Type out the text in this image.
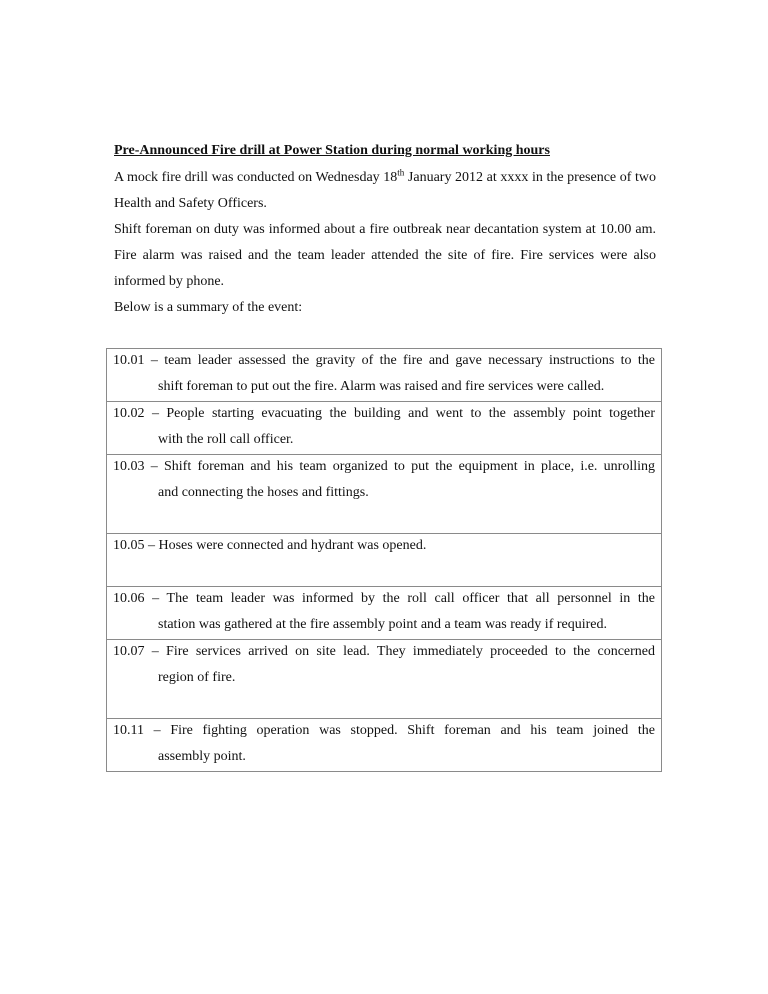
Pre-Announced Fire drill at Power Station during normal working hours

A mock fire drill was conducted on Wednesday 18th January 2012 at xxxx in the presence of two Health and Safety Officers.

Shift foreman on duty was informed about a fire outbreak near decantation system at 10.00 am. Fire alarm was raised and the team leader attended the site of fire. Fire services were also informed by phone.

Below is a summary of the event:

10.01 – team leader assessed the gravity of the fire and gave necessary instructions to the
shift foreman to put out the fire. Alarm was raised and fire services were called.

10.02 – People starting evacuating the building and went to the assembly point together
with the roll call officer.

10.03 – Shift foreman and his team organized to put the equipment in place, i.e. unrolling
and connecting the hoses and fittings.

10.05 – Hoses were connected and hydrant was opened.

10.06 – The team leader was informed by the roll call officer that all personnel in the
station was gathered at the fire assembly point and a team was ready if required.

10.07 – Fire services arrived on site lead. They immediately proceeded to the concerned
region of fire.

10.11 – Fire fighting operation was stopped. Shift foreman and his team joined the
assembly point.
